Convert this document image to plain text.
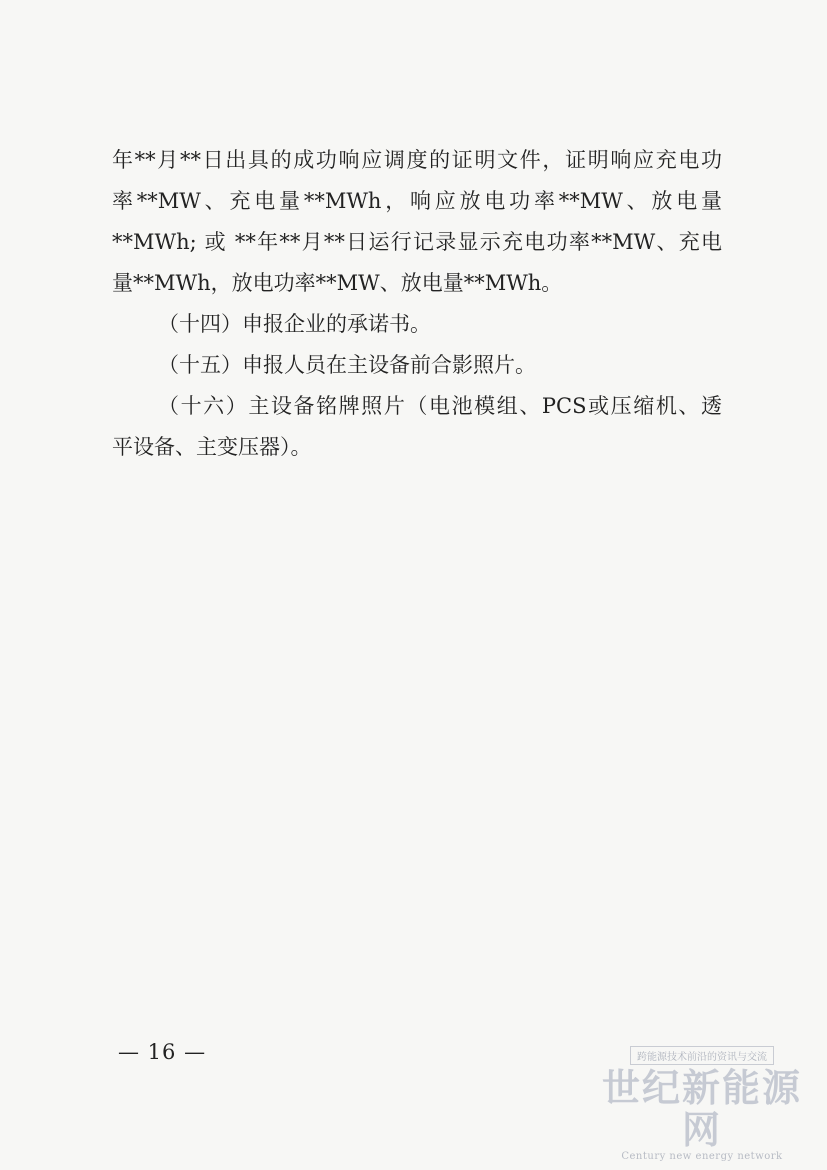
年**月**日出具的成功响应调度的证明文件，证明响应充电功
率**MW、充电量**MWh，响应放电功率**MW、放电量
**MWh; 或 **年**月**日运行记录显示充电功率**MW、充电
量**MWh，放电功率**MW、放电量**MWh。
（十四）申报企业的承诺书。
（十五）申报人员在主设备前合影照片。
（十六）主设备铭牌照片（电池模组、PCS或压缩机、透
平设备、主变压器）。
— 16 —	跨能源技术前沿的资讯与交流
世纪新能源网
Century new energy network
